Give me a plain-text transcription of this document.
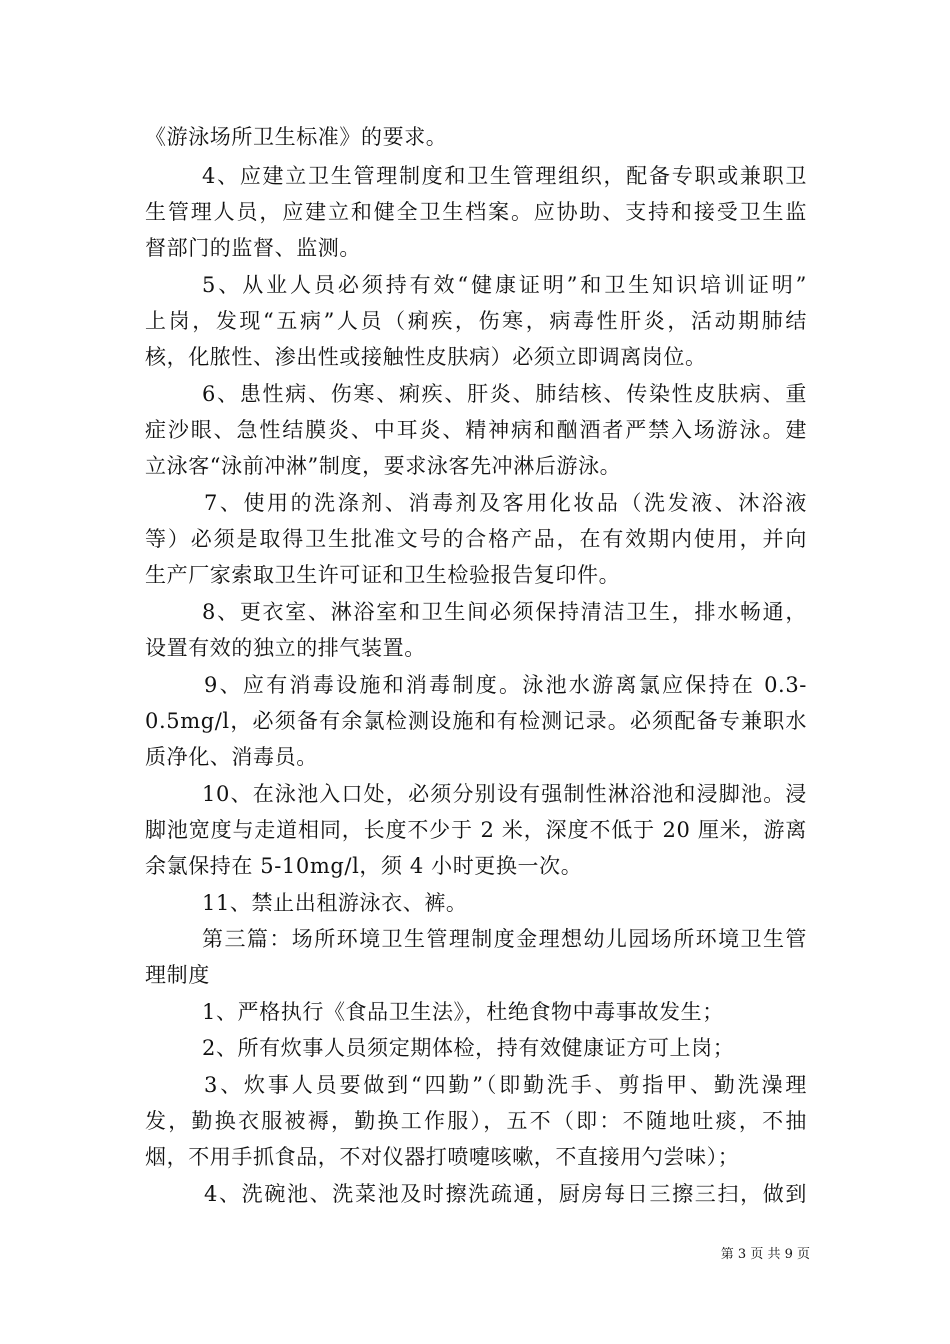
《游泳场所卫生标准》的要求。
4、应建立卫生管理制度和卫生管理组织，配备专职或兼职卫
生管理人员，应建立和健全卫生档案。应协助、支持和接受卫生监
督部门的监督、监测。
5、从业人员必须持有效“健康证明”和卫生知识培训证明”
上岗，发现“五病”人员（痢疾，伤寒，病毒性肝炎，活动期肺结
核，化脓性、渗出性或接触性皮肤病）必须立即调离岗位。
6、患性病、伤寒、痢疾、肝炎、肺结核、传染性皮肤病、重
症沙眼、急性结膜炎、中耳炎、精神病和酗酒者严禁入场游泳。建
立泳客“泳前冲淋”制度，要求泳客先冲淋后游泳。
7、使用的洗涤剂、消毒剂及客用化妆品（洗发液、沐浴液
等）必须是取得卫生批准文号的合格产品，在有效期内使用，并向
生产厂家索取卫生许可证和卫生检验报告复印件。
8、更衣室、淋浴室和卫生间必须保持清洁卫生，排水畅通，
设置有效的独立的排气装置。
9、应有消毒设施和消毒制度。泳池水游离氯应保持在 0.3-
0.5mg/l，必须备有余氯检测设施和有检测记录。必须配备专兼职水
质净化、消毒员。
10、在泳池入口处，必须分别设有强制性淋浴池和浸脚池。浸
脚池宽度与走道相同，长度不少于 2 米，深度不低于 20 厘米，游离
余氯保持在 5-10mg/l，须 4 小时更换一次。
11、禁止出租游泳衣、裤。
第三篇：场所环境卫生管理制度金理想幼儿园场所环境卫生管
理制度
1、严格执行《食品卫生法》，杜绝食物中毒事故发生；
2、所有炊事人员须定期体检，持有效健康证方可上岗；
3、炊事人员要做到“四勤”（即勤洗手、剪指甲、勤洗澡理
发，勤换衣服被褥，勤换工作服），五不（即：不随地吐痰，不抽
烟，不用手抓食品，不对仪器打喷嚏咳嗽，不直接用勺尝味）；
4、洗碗池、洗菜池及时擦洗疏通，厨房每日三擦三扫，做到
第 3 页 共 9 页
